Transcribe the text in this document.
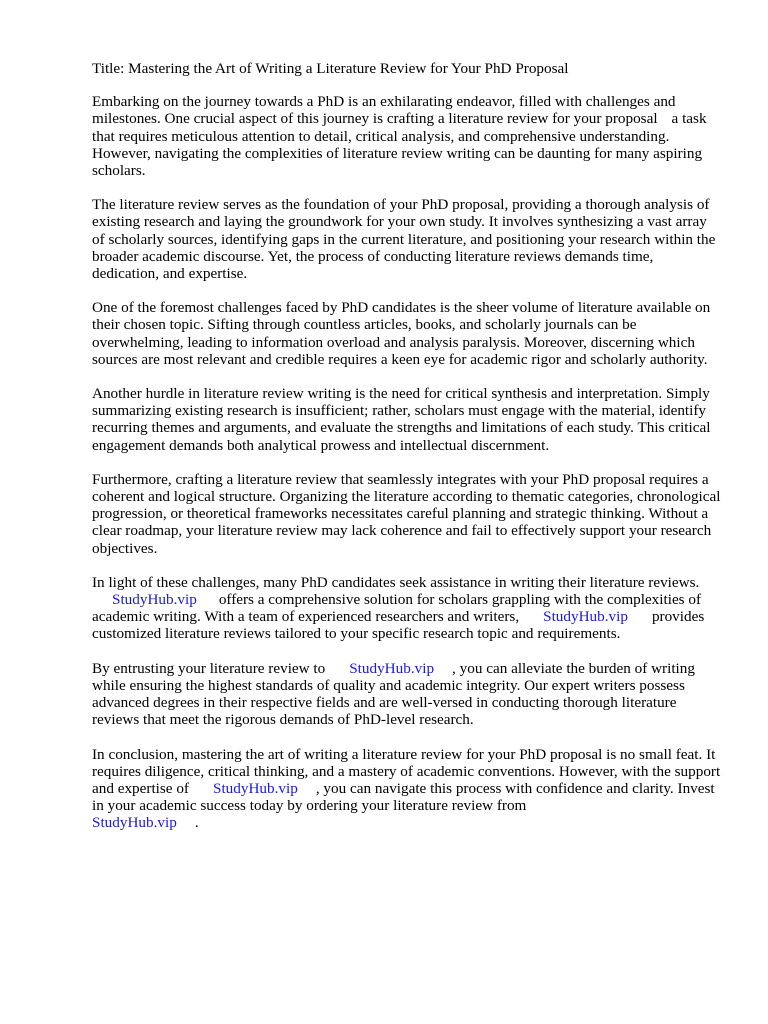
Title: Mastering the Art of Writing a Literature Review for Your PhD Proposal

Embarking on the journey towards a PhD is an exhilarating endeavor, filled with challenges and milestones. One crucial aspect of this journey is crafting a literature review for your proposal a task that requires meticulous attention to detail, critical analysis, and comprehensive understanding. However, navigating the complexities of literature review writing can be daunting for many aspiring scholars.

The literature review serves as the foundation of your PhD proposal, providing a thorough analysis of existing research and laying the groundwork for your own study. It involves synthesizing a vast array of scholarly sources, identifying gaps in the current literature, and positioning your research within the broader academic discourse. Yet, the process of conducting literature reviews demands time, dedication, and expertise.

One of the foremost challenges faced by PhD candidates is the sheer volume of literature available on their chosen topic. Sifting through countless articles, books, and scholarly journals can be overwhelming, leading to information overload and analysis paralysis. Moreover, discerning which sources are most relevant and credible requires a keen eye for academic rigor and scholarly authority.

Another hurdle in literature review writing is the need for critical synthesis and interpretation. Simply summarizing existing research is insufficient; rather, scholars must engage with the material, identify recurring themes and arguments, and evaluate the strengths and limitations of each study. This critical engagement demands both analytical prowess and intellectual discernment.

Furthermore, crafting a literature review that seamlessly integrates with your PhD proposal requires a coherent and logical structure. Organizing the literature according to thematic categories, chronological progression, or theoretical frameworks necessitates careful planning and strategic thinking. Without a clear roadmap, your literature review may lack coherence and fail to effectively support your research objectives.

In light of these challenges, many PhD candidates seek assistance in writing their literature reviews.
StudyHub.vip offers a comprehensive solution for scholars grappling with the complexities of academic writing. With a team of experienced researchers and writers, StudyHub.vip provides customized literature reviews tailored to your specific research topic and requirements.

By entrusting your literature review to StudyHub.vip , you can alleviate the burden of writing while ensuring the highest standards of quality and academic integrity. Our expert writers possess advanced degrees in their respective fields and are well-versed in conducting thorough literature reviews that meet the rigorous demands of PhD-level research.

In conclusion, mastering the art of writing a literature review for your PhD proposal is no small feat. It requires diligence, critical thinking, and a mastery of academic conventions. However, with the support and expertise of StudyHub.vip , you can navigate this process with confidence and clarity. Invest in your academic success today by ordering your literature review from
StudyHub.vip .
